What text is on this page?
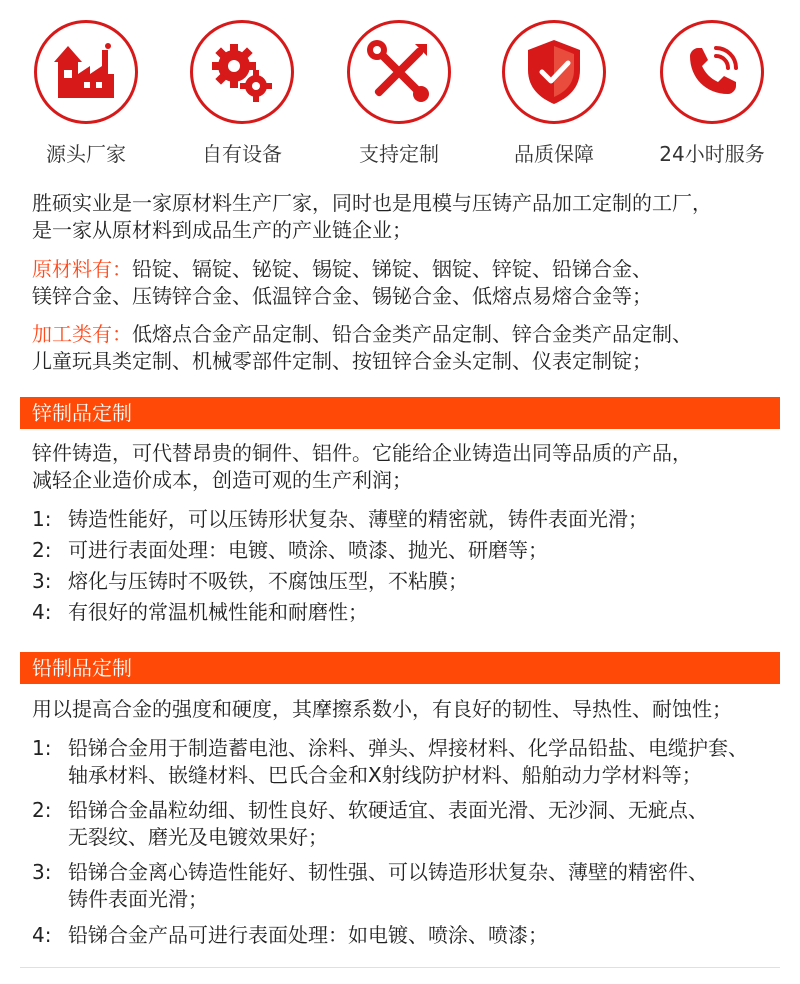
源头厂家	自有设备	支持定制	品质保障	24小时服务
胜硕实业是一家原材料生产厂家，同时也是甩模与压铸产品加工定制的工厂，
是一家从原材料到成品生产的产业链企业；
原材料有：铅锭、镉锭、铋锭、锡锭、锑锭、铟锭、锌锭、铅锑合金、
镁锌合金、压铸锌合金、低温锌合金、锡铋合金、低熔点易熔合金等；
加工类有：低熔点合金产品定制、铅合金类产品定制、锌合金类产品定制、
儿童玩具类定制、机械零部件定制、按钮锌合金头定制、仪表定制锭；
锌制品定制
锌件铸造，可代替昂贵的铜件、铝件。它能给企业铸造出同等品质的产品，
减轻企业造价成本，创造可观的生产利润；
1: 铸造性能好，可以压铸形状复杂、薄壁的精密就，铸件表面光滑；
2: 可进行表面处理：电镀、喷涂、喷漆、抛光、研磨等；
3: 熔化与压铸时不吸铁，不腐蚀压型，不粘膜；
4: 有很好的常温机械性能和耐磨性；
铅制品定制
用以提高合金的强度和硬度，其摩擦系数小，有良好的韧性、导热性、耐蚀性；
1: 铅锑合金用于制造蓄电池、涂料、弹头、焊接材料、化学品铅盐、电缆护套、
轴承材料、嵌缝材料、巴氏合金和X射线防护材料、船舶动力学材料等；
2: 铅锑合金晶粒幼细、韧性良好、软硬适宜、表面光滑、无沙洞、无疵点、
无裂纹、磨光及电镀效果好；
3: 铅锑合金离心铸造性能好、韧性强、可以铸造形状复杂、薄壁的精密件、
铸件表面光滑；
4: 铅锑合金产品可进行表面处理：如电镀、喷涂、喷漆；
